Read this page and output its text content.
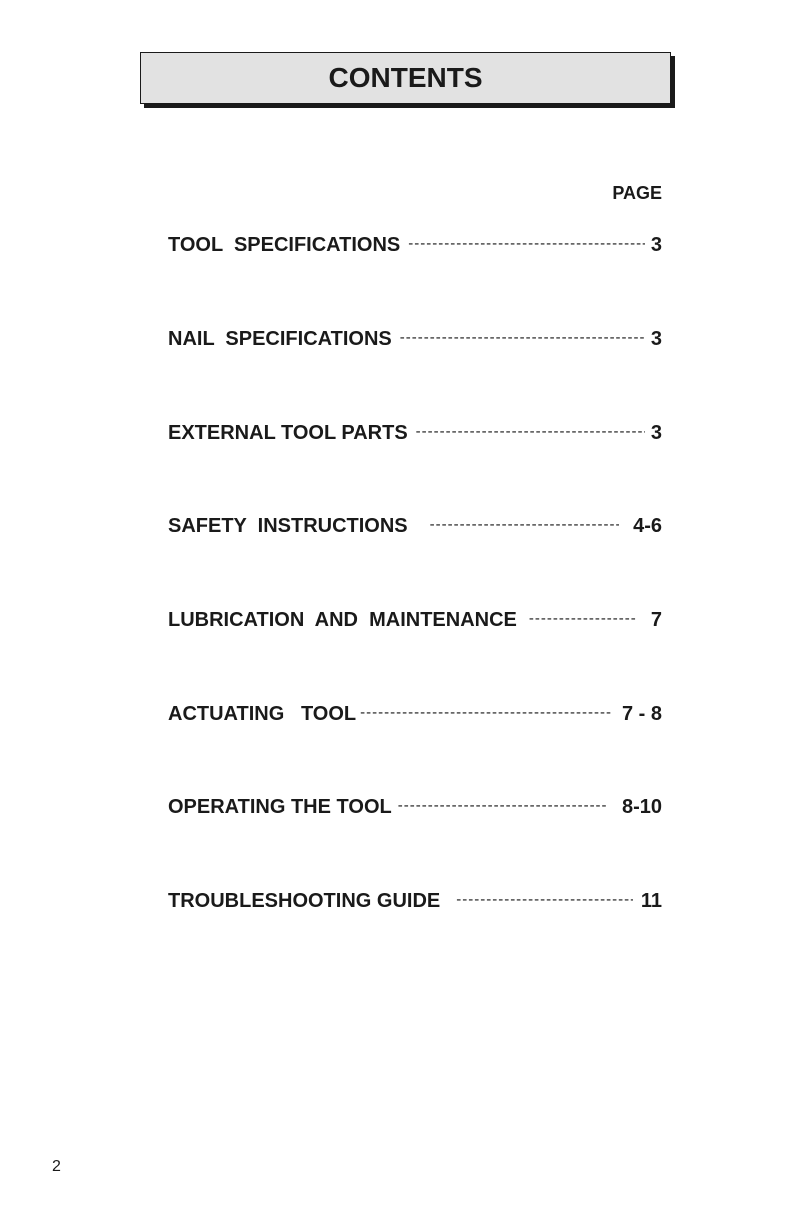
CONTENTS
PAGE
TOOL  SPECIFICATIONS -----	3
NAIL  SPECIFICATIONS -----	3
EXTERNAL TOOL PARTS -----	3
SAFETY  INSTRUCTIONS -----	4-6
LUBRICATION  AND  MAINTENANCE -----	7
ACTUATING   TOOL -----	7 - 8
OPERATING THE TOOL -----	8-10
TROUBLESHOOTING GUIDE -----	11
2
